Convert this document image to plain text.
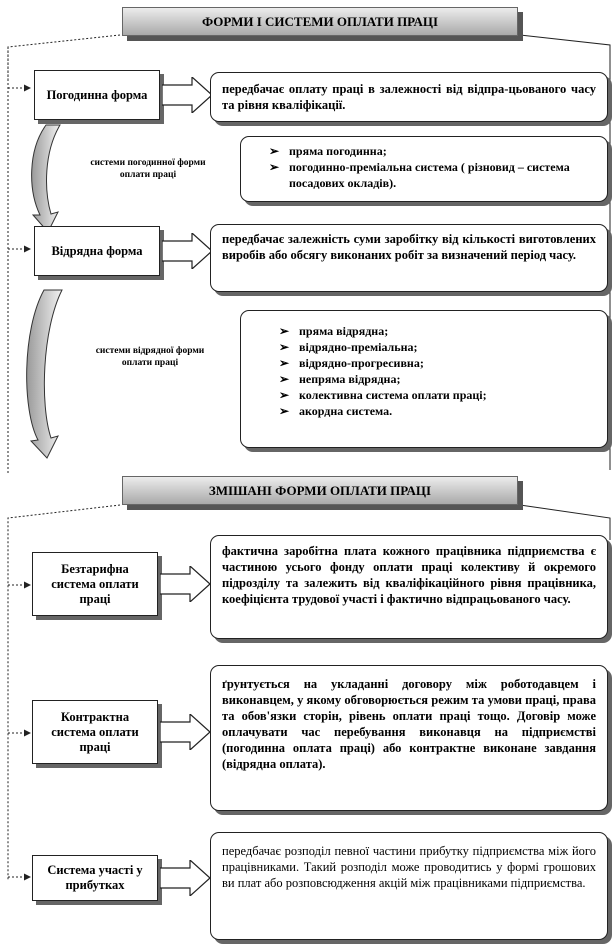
ФОРМИ І СИСТЕМИ ОПЛАТИ ПРАЦІ
Погодинна форма	передбачає оплату праці в залежності від відпра-цьованого часу та рівня кваліфікації.
системи погодинної форми оплати праці
➢ пряма погодинна;
➢ погодинно-преміальна система ( різновид – система посадових окладів).
Відрядна форма
передбачає залежність суми заробітку від кількості виготовлених виробів або обсягу виконаних робіт за визначений період часу.
системи відрядної форми оплати праці
➢ пряма відрядна;
➢ відрядно-преміальна;
➢ відрядно-прогресивна;
➢ непряма відрядна;
➢ колективна система оплати праці;
➢ акордна система.
ЗМІШАНІ ФОРМИ ОПЛАТИ ПРАЦІ
Безтарифна система оплати праці
фактична заробітна плата кожного працівника підприємства є частиною усього фонду оплати праці колективу й окремого підрозділу та залежить від кваліфікаційного рівня працівника, коефіцієнта трудової участі і фактично відпрацьованого часу.
Контрактна система оплати праці
ґрунтується на укладанні договору між роботодавцем і виконавцем, у якому обговорюється режим та умови праці, права та обов'язки сторін, рівень оплати праці тощо. Договір може оплачувати час перебування виконавця на підприємстві (погодинна оплата праці) або контрактне виконане завдання (відрядна оплата).
Система участі у прибутках
передбачає розподіл певної частини прибутку підприємства між його працівниками. Такий розподіл може проводитись у формі грошових ви плат або розповсюдження акцій між працівниками підприємства.
